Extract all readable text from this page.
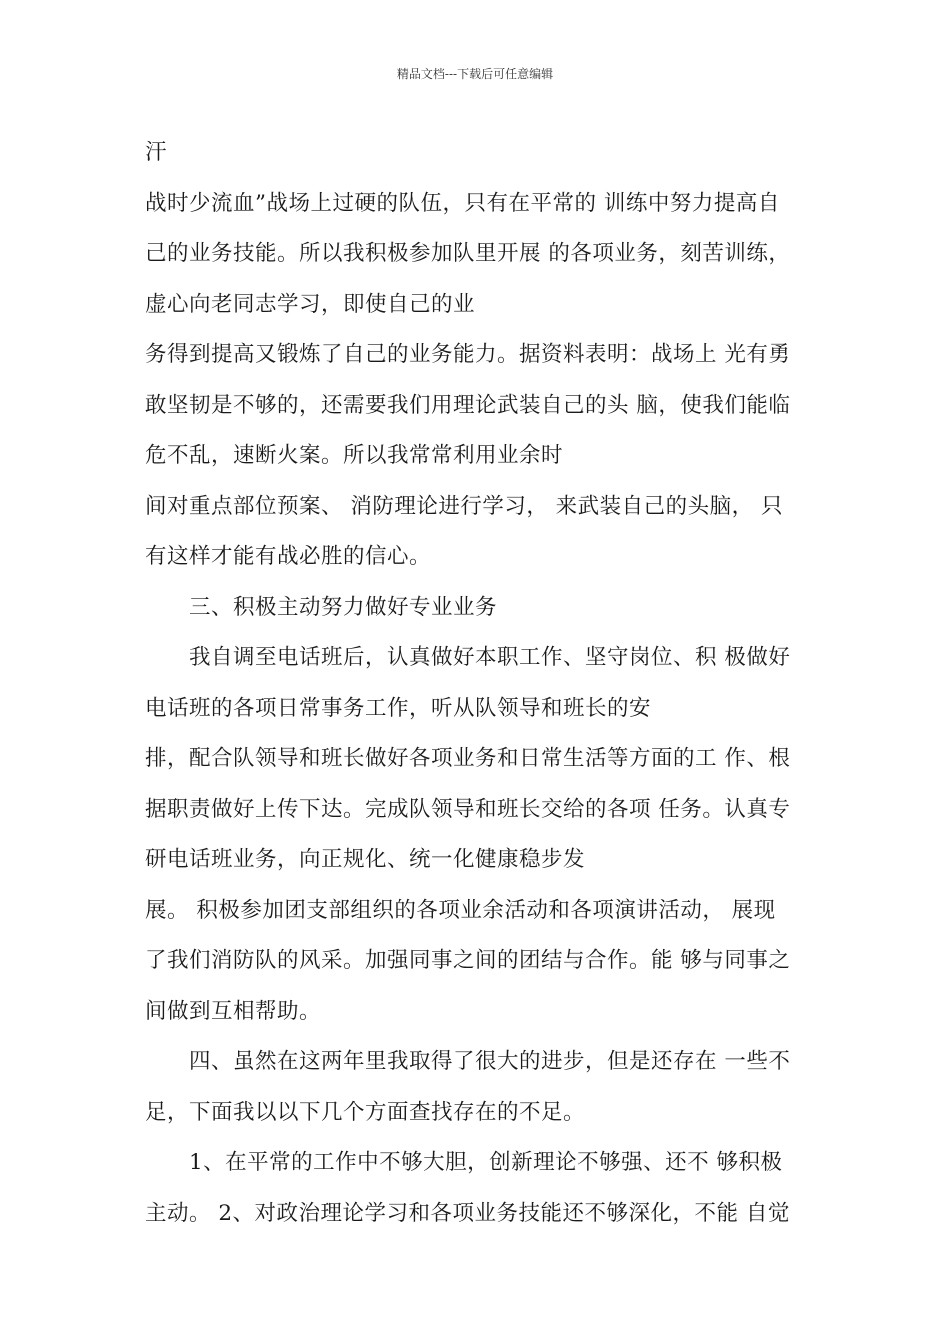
精品文档---下载后可任意编辑
汗
战时少流血”战场上过硬的队伍，只有在平常的 训练中努力提高自
己的业务技能。所以我积极参加队里开展 的各项业务，刻苦训练，
虚心向老同志学习，即使自己的业
务得到提高又锻炼了自己的业务能力。据资料表明：战场上 光有勇
敢坚韧是不够的，还需要我们用理论武装自己的头 脑，使我们能临
危不乱，速断火案。所以我常常利用业余时
间对重点部位预案、 消防理论进行学习， 来武装自己的头脑， 只
有这样才能有战必胜的信心。
三、积极主动努力做好专业业务
我自调至电话班后，认真做好本职工作、坚守岗位、积 极做好
电话班的各项日常事务工作，听从队领导和班长的安
排，配合队领导和班长做好各项业务和日常生活等方面的工 作、根
据职责做好上传下达。完成队领导和班长交给的各项 任务。认真专
研电话班业务，向正规化、统一化健康稳步发
展。 积极参加团支部组织的各项业余活动和各项演讲活动， 展现
了我们消防队的风采。加强同事之间的团结与合作。能 够与同事之
间做到互相帮助。
四、虽然在这两年里我取得了很大的进步，但是还存在 一些不
足，下面我以以下几个方面查找存在的不足。
1、在平常的工作中不够大胆，创新理论不够强、还不 够积极
主动。 2、对政治理论学习和各项业务技能还不够深化，不能 自觉
